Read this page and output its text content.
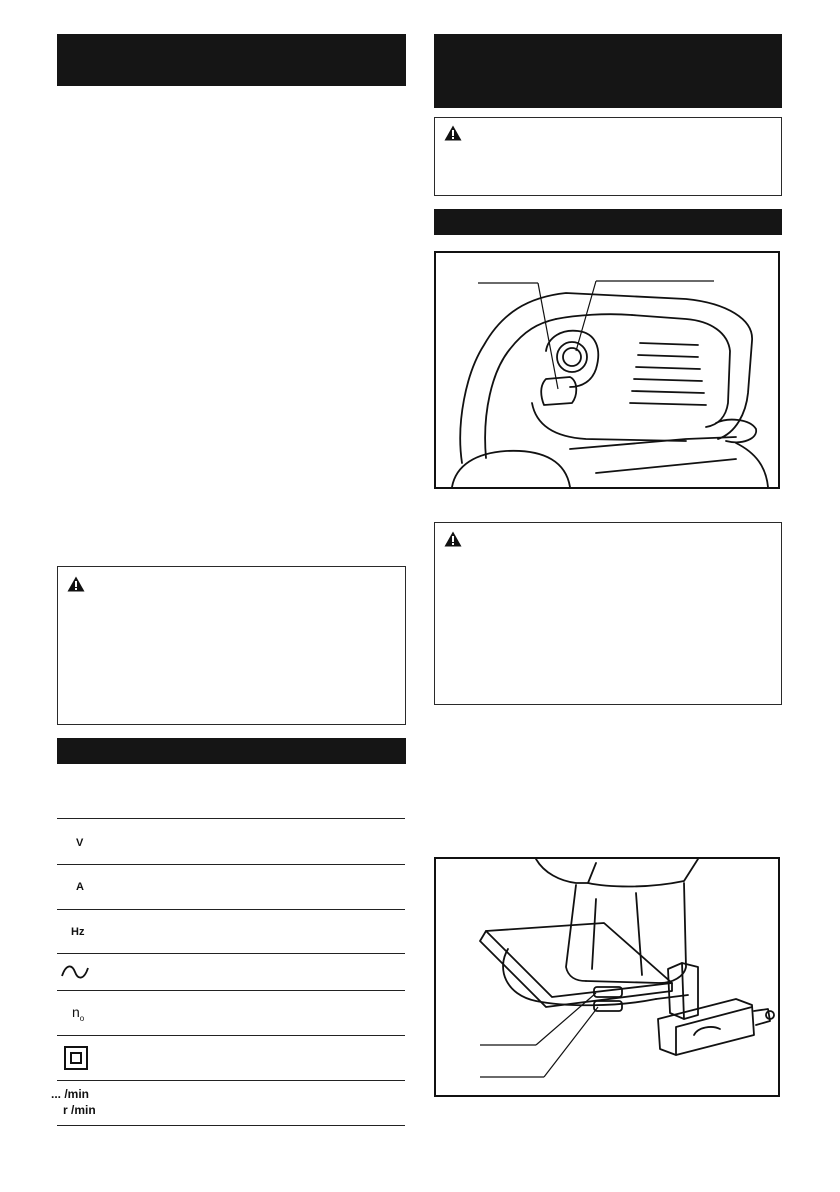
V
A
Hz
$n_o$
... /min
r /min
